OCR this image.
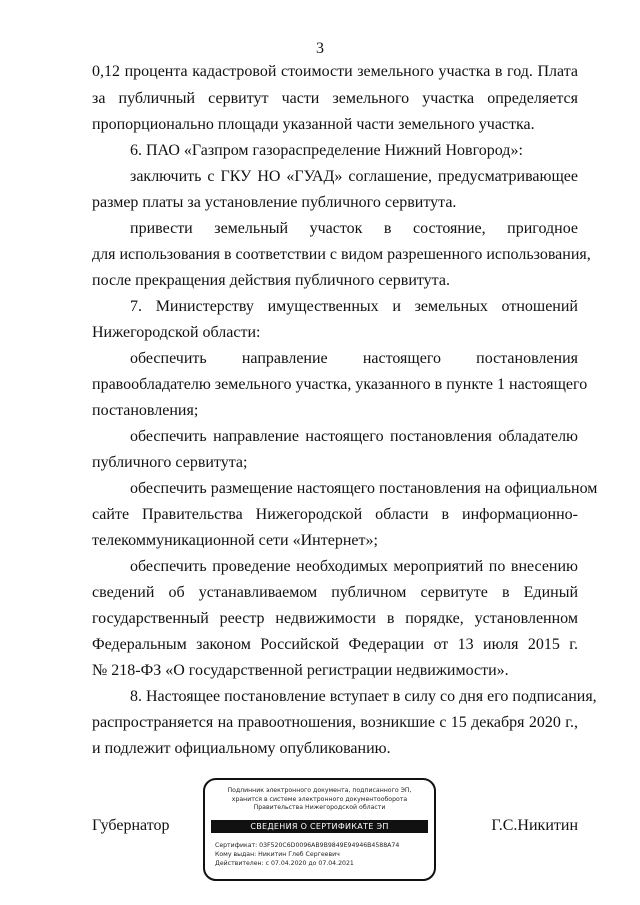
3
0,12 процента кадастровой стоимости земельного участка в год. Плата
за публичный сервитут части земельного участка определяется
пропорционально площади указанной части земельного участка.
6. ПАО «Газпром газораспределение Нижний Новгород»:
заключить с ГКУ НО «ГУАД» соглашение, предусматривающее
размер платы за установление публичного сервитута.
привести земельный участок в состояние, пригодное
для использования в соответствии с видом разрешенного использования,
после прекращения действия публичного сервитута.
7. Министерству имущественных и земельных отношений
Нижегородской области:
обеспечить направление настоящего постановления
правообладателю земельного участка, указанного в пункте 1 настоящего
постановления;
обеспечить направление настоящего постановления обладателю
публичного сервитута;
обеспечить размещение настоящего постановления на официальном
сайте Правительства Нижегородской области в информационно-
телекоммуникационной сети «Интернет»;
обеспечить проведение необходимых мероприятий по внесению
сведений об устанавливаемом публичном сервитуте в Единый
государственный реестр недвижимости в порядке, установленном
Федеральным законом Российской Федерации от 13 июля 2015 г.
№ 218-ФЗ «О государственной регистрации недвижимости».
8. Настоящее постановление вступает в силу со дня его подписания,
распространяется на правоотношения, возникшие с 15 декабря 2020 г.,
и подлежит официальному опубликованию.
Губернатор	Г.С.Никитин
Подлинник электронного документа, подписанного ЭП,
хранится в системе электронного документооборота
Правительства Нижегородской области
СВЕДЕНИЯ О СЕРТИФИКАТЕ ЭП
Сертификат: 03F520C6D0096AB9B9849E94946B4588A74
Кому выдан: Никитин Глеб Сергеевич
Действителен: с 07.04.2020 до 07.04.2021
